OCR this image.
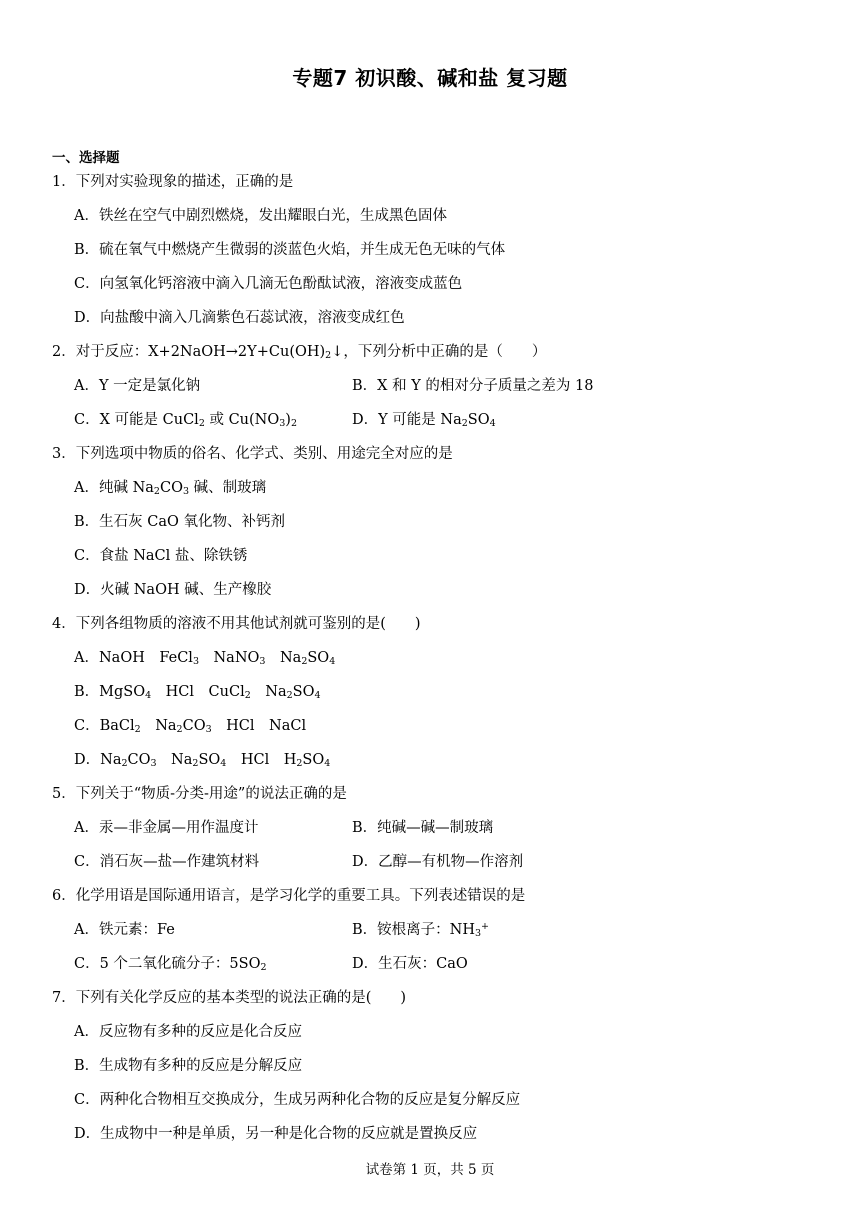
专题7 初识酸、碱和盐 复习题
一、选择题
1．下列对实验现象的描述，正确的是
A．铁丝在空气中剧烈燃烧，发出耀眼白光，生成黑色固体
B．硫在氧气中燃烧产生微弱的淡蓝色火焰，并生成无色无味的气体
C．向氢氧化钙溶液中滴入几滴无色酚酞试液，溶液变成蓝色
D．向盐酸中滴入几滴紫色石蕊试液，溶液变成红色
2．对于反应：$X+2NaOH\to 2Y+Cu(OH)_2↓$，下列分析中正确的是（　　）
A．Y 一定是氯化钠	B．X 和 Y 的相对分子质量之差为 18
C．X 可能是 CuCl$_2$ 或 $Cu(NO_3)_2$	D．Y 可能是 $Na_2SO_4$
3．下列选项中物质的俗名、化学式、类别、用途完全对应的是
A．纯碱 $Na_2CO_3$ 碱、制玻璃
B．生石灰 CaO 氧化物、补钙剂
C．食盐 NaCl 盐、除铁锈
D．火碱 NaOH 碱、生产橡胶
4．下列各组物质的溶液不用其他试剂就可鉴别的是(　　)
A．NaOH　FeCl$_3$　NaNO$_3$　$Na_2SO_4$
B．MgSO$_4$　HCl　CuCl$_2$　$Na_2SO_4$
C．BaCl$_2$　$Na_2CO_3$　HCl　NaCl
D．$Na_2CO_3$　$Na_2SO_4$　HCl　$H_2SO_4$
5．下列关于“物质-分类-用途”的说法正确的是
A．汞—非金属—用作温度计	B．纯碱—碱—制玻璃
C．消石灰—盐—作建筑材料	D．乙醇—有机物—作溶剂
6．化学用语是国际通用语言，是学习化学的重要工具。下列表述错误的是
A．铁元素：Fe	B．铵根离子：$NH_3^+$
C．5 个二氧化硫分子：$5SO_2$	D．生石灰：CaO
7．下列有关化学反应的基本类型的说法正确的是(　　)
A．反应物有多种的反应是化合反应
B．生成物有多种的反应是分解反应
C．两种化合物相互交换成分，生成另两种化合物的反应是复分解反应
D．生成物中一种是单质，另一种是化合物的反应就是置换反应
试卷第 1 页，共 5 页
